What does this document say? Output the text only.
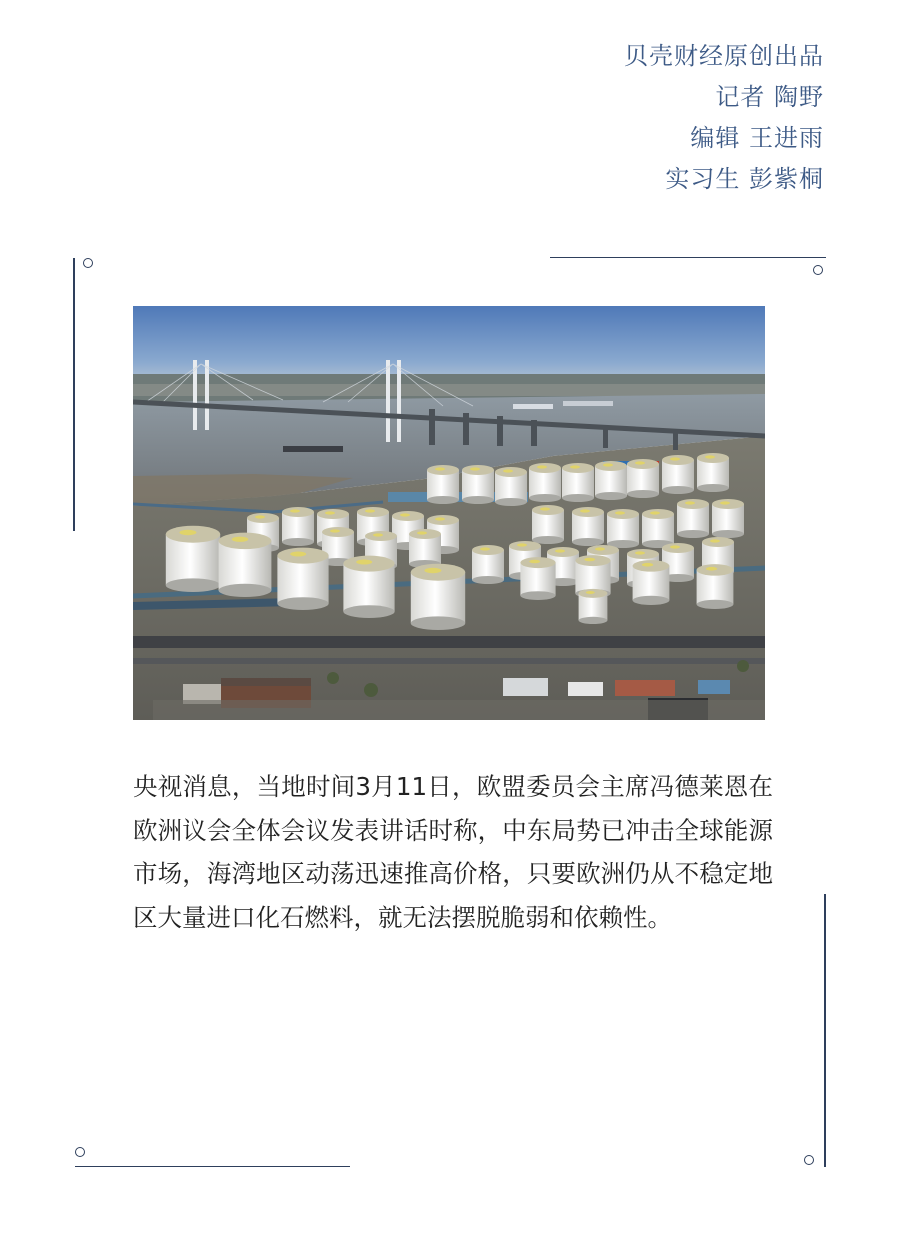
贝壳财经原创出品
记者 陶野
编辑 王进雨
实习生 彭紫桐
央视消息，当地时间3月11日，欧盟委员会主席冯德莱恩在欧洲议会全体会议发表讲话时称，中东局势已冲击全球能源市场，海湾地区动荡迅速推高价格，只要欧洲仍从不稳定地区大量进口化石燃料，就无法摆脱脆弱和依赖性。
